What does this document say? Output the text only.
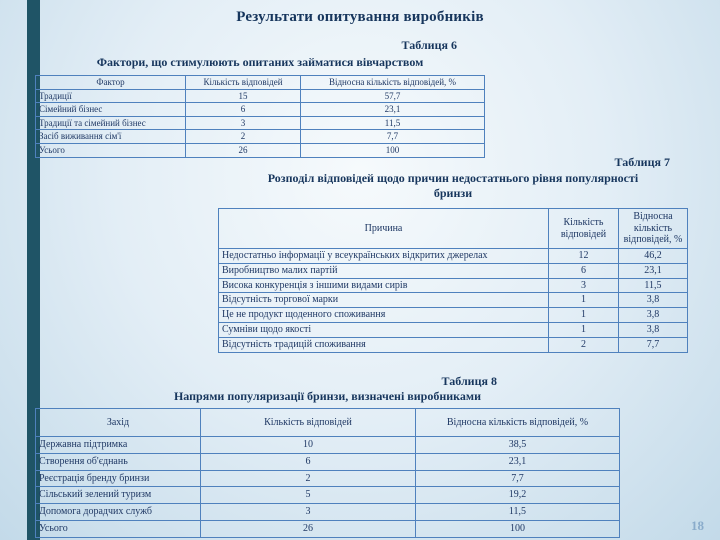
Результати опитування виробників
Таблиця 6
Фактори, що стимулюють опитаних займатися вівчарством
Фактор	Кількість відповідей	Відносна кількість відповідей, %
Традиції	15	57,7
Сімейний бізнес	6	23,1
Традиції та сімейний бізнес	3	11,5
Засіб виживання сім'ї	2	7,7
Усього	26	100
Таблиця 7
Розподіл відповідей щодо причин недостатнього рівня популярності бринзи
Причина	Кількість відповідей	Відносна кількість відповідей, %
Недостатньо інформації у всеукраїнських відкритих джерелах	12	46,2
Виробництво малих партій	6	23,1
Висока конкуренція з іншими видами сирів	3	11,5
Відсутність торгової марки	1	3,8
Це не продукт щоденного споживання	1	3,8
Сумніви щодо якості	1	3,8
Відсутність традицій споживання	2	7,7
Таблиця 8
Напрями популяризації бринзи, визначені виробниками
Захід	Кількість відповідей	Відносна кількість відповідей, %
Державна підтримка	10	38,5
Створення об'єднань	6	23,1
Реєстрація бренду бринзи	2	7,7
Сільський зелений туризм	5	19,2
Допомога дорадчих служб	3	11,5
Усього	26	100	18
